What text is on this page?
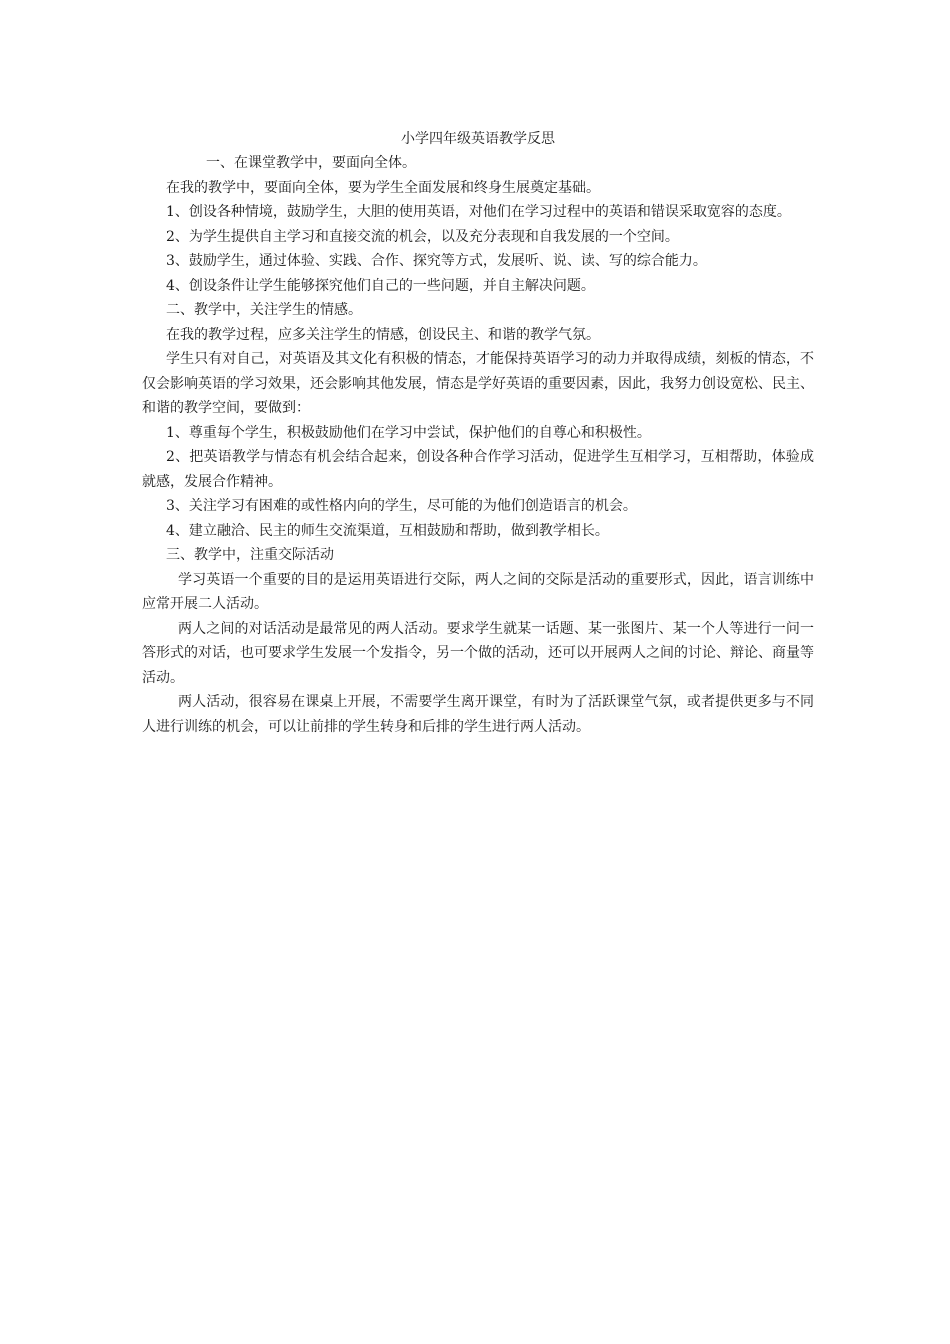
小学四年级英语教学反思

一、在课堂教学中，要面向全体。

在我的教学中，要面向全体，要为学生全面发展和终身生展奠定基础。

1、创设各种情境，鼓励学生，大胆的使用英语，对他们在学习过程中的英语和错误采取宽容的态度。

2、为学生提供自主学习和直接交流的机会，以及充分表现和自我发展的一个空间。

3、鼓励学生，通过体验、实践、合作、探究等方式，发展听、说、读、写的综合能力。

4、创设条件让学生能够探究他们自己的一些问题，并自主解决问题。

二、教学中，关注学生的情感。

在我的教学过程，应多关注学生的情感，创设民主、和谐的教学气氛。

学生只有对自己，对英语及其文化有积极的情态，才能保持英语学习的动力并取得成绩，刻板的情态，不仅会影响英语的学习效果，还会影响其他发展，情态是学好英语的重要因素，因此，我努力创设宽松、民主、和谐的教学空间，要做到：

1、尊重每个学生，积极鼓励他们在学习中尝试，保护他们的自尊心和积极性。

2、把英语教学与情态有机会结合起来，创设各种合作学习活动，促进学生互相学习，互相帮助，体验成就感，发展合作精神。

3、关注学习有困难的或性格内向的学生，尽可能的为他们创造语言的机会。

4、建立融洽、民主的师生交流渠道，互相鼓励和帮助，做到教学相长。

三、教学中，注重交际活动

学习英语一个重要的目的是运用英语进行交际，两人之间的交际是活动的重要形式，因此，语言训练中应常开展二人活动。

两人之间的对话活动是最常见的两人活动。要求学生就某一话题、某一张图片、某一个人等进行一问一答形式的对话，也可要求学生发展一个发指令，另一个做的活动，还可以开展两人之间的讨论、辩论、商量等活动。

两人活动，很容易在课桌上开展，不需要学生离开课堂，有时为了活跃课堂气氛，或者提供更多与不同人进行训练的机会，可以让前排的学生转身和后排的学生进行两人活动。
